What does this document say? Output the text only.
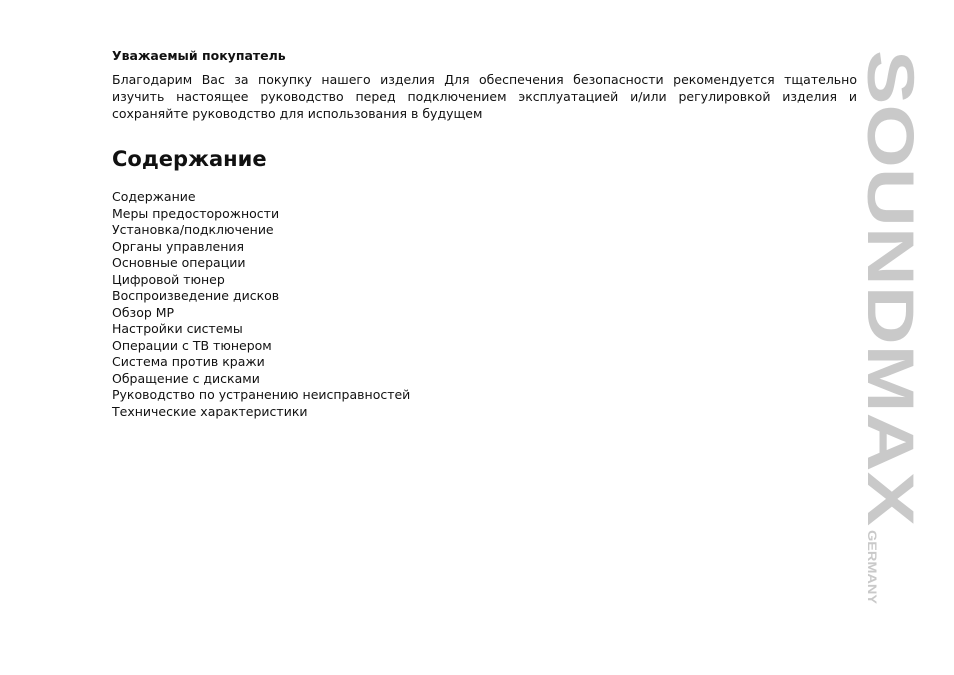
Уважаемый покупатель

Благодарим Вас за покупку нашего изделия Для обеспечения безопасности рекомендуется тщательно изучить настоящее руководство перед подключением эксплуатацией и/или регулировкой изделия и сохраняйте руководство для использования в будущем

Содержание
Содержание
Меры предосторожности
Установка/подключение
Органы управления
Основные операции
Цифровой тюнер
Воспроизведение дисков
Обзор MP
Настройки системы
Операции с ТВ тюнером
Система против кражи
Обращение с дисками
Руководство по устранению неисправностей
Технические характеристики	SOUNDMAX
GERMANY
